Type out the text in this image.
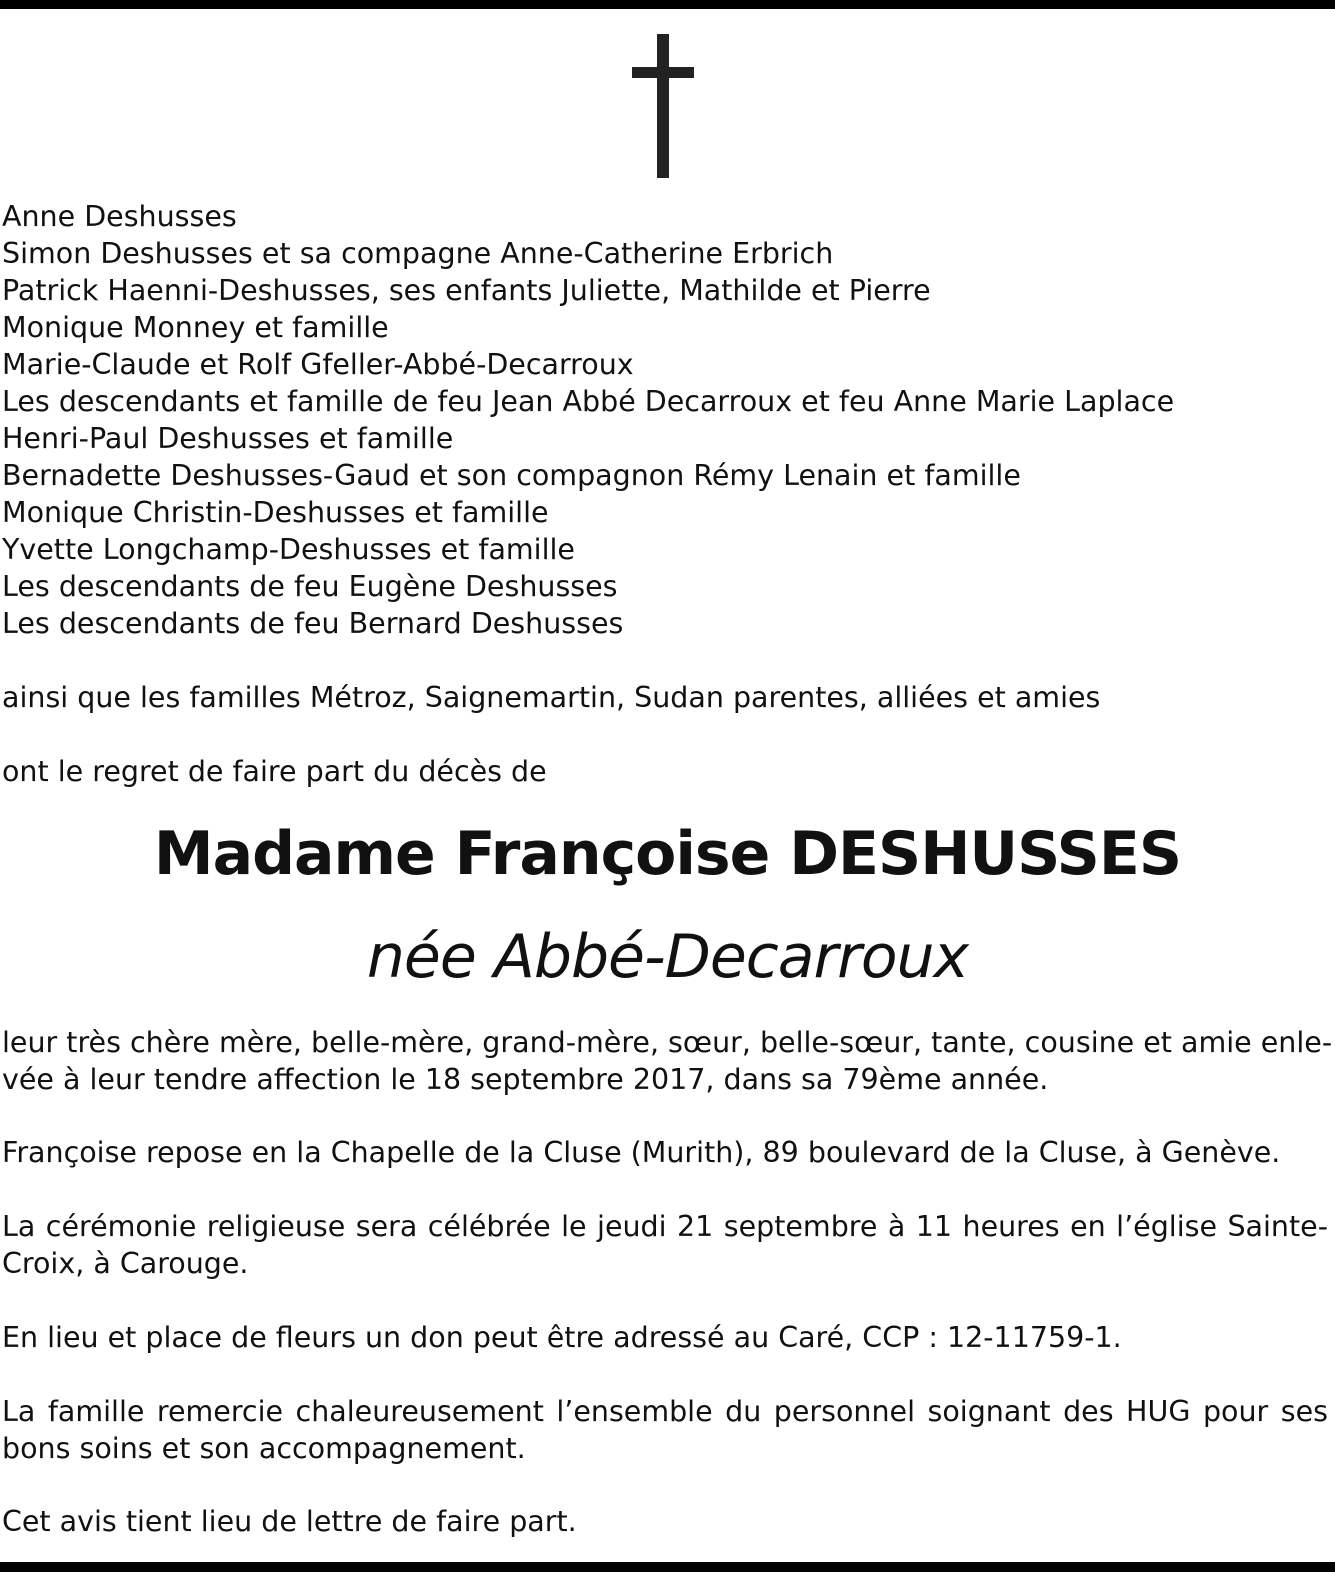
Anne Deshusses
Simon Deshusses et sa compagne Anne-Catherine Erbrich
Patrick Haenni-Deshusses, ses enfants Juliette, Mathilde et Pierre
Monique Monney et famille
Marie-Claude et Rolf Gfeller-Abbé-Decarroux
Les descendants et famille de feu Jean Abbé Decarroux et feu Anne Marie Laplace
Henri-Paul Deshusses et famille
Bernadette Deshusses-Gaud et son compagnon Rémy Lenain et famille
Monique Christin-Deshusses et famille
Yvette Longchamp-Deshusses et famille
Les descendants de feu Eugène Deshusses
Les descendants de feu Bernard Deshusses
ainsi que les familles Métroz, Saignemartin, Sudan parentes, alliées et amies
ont le regret de faire part du décès de
Madame Françoise DESHUSSES
née Abbé-Decarroux
leur très chère mère, belle-mère, grand-mère, sœur, belle-sœur, tante, cousine et amie enle-
vée à leur tendre affection le 18 septembre 2017, dans sa 79ème année.
Françoise repose en la Chapelle de la Cluse (Murith), 89 boulevard de la Cluse, à Genève.
La cérémonie religieuse sera célébrée le jeudi 21 septembre à 11 heures en l’église Sainte-
Croix, à Carouge.
En lieu et place de fleurs un don peut être adressé au Caré, CCP : 12-11759-1.
La famille remercie chaleureusement l’ensemble du personnel soignant des HUG pour ses
bons soins et son accompagnement.
Cet avis tient lieu de lettre de faire part.
